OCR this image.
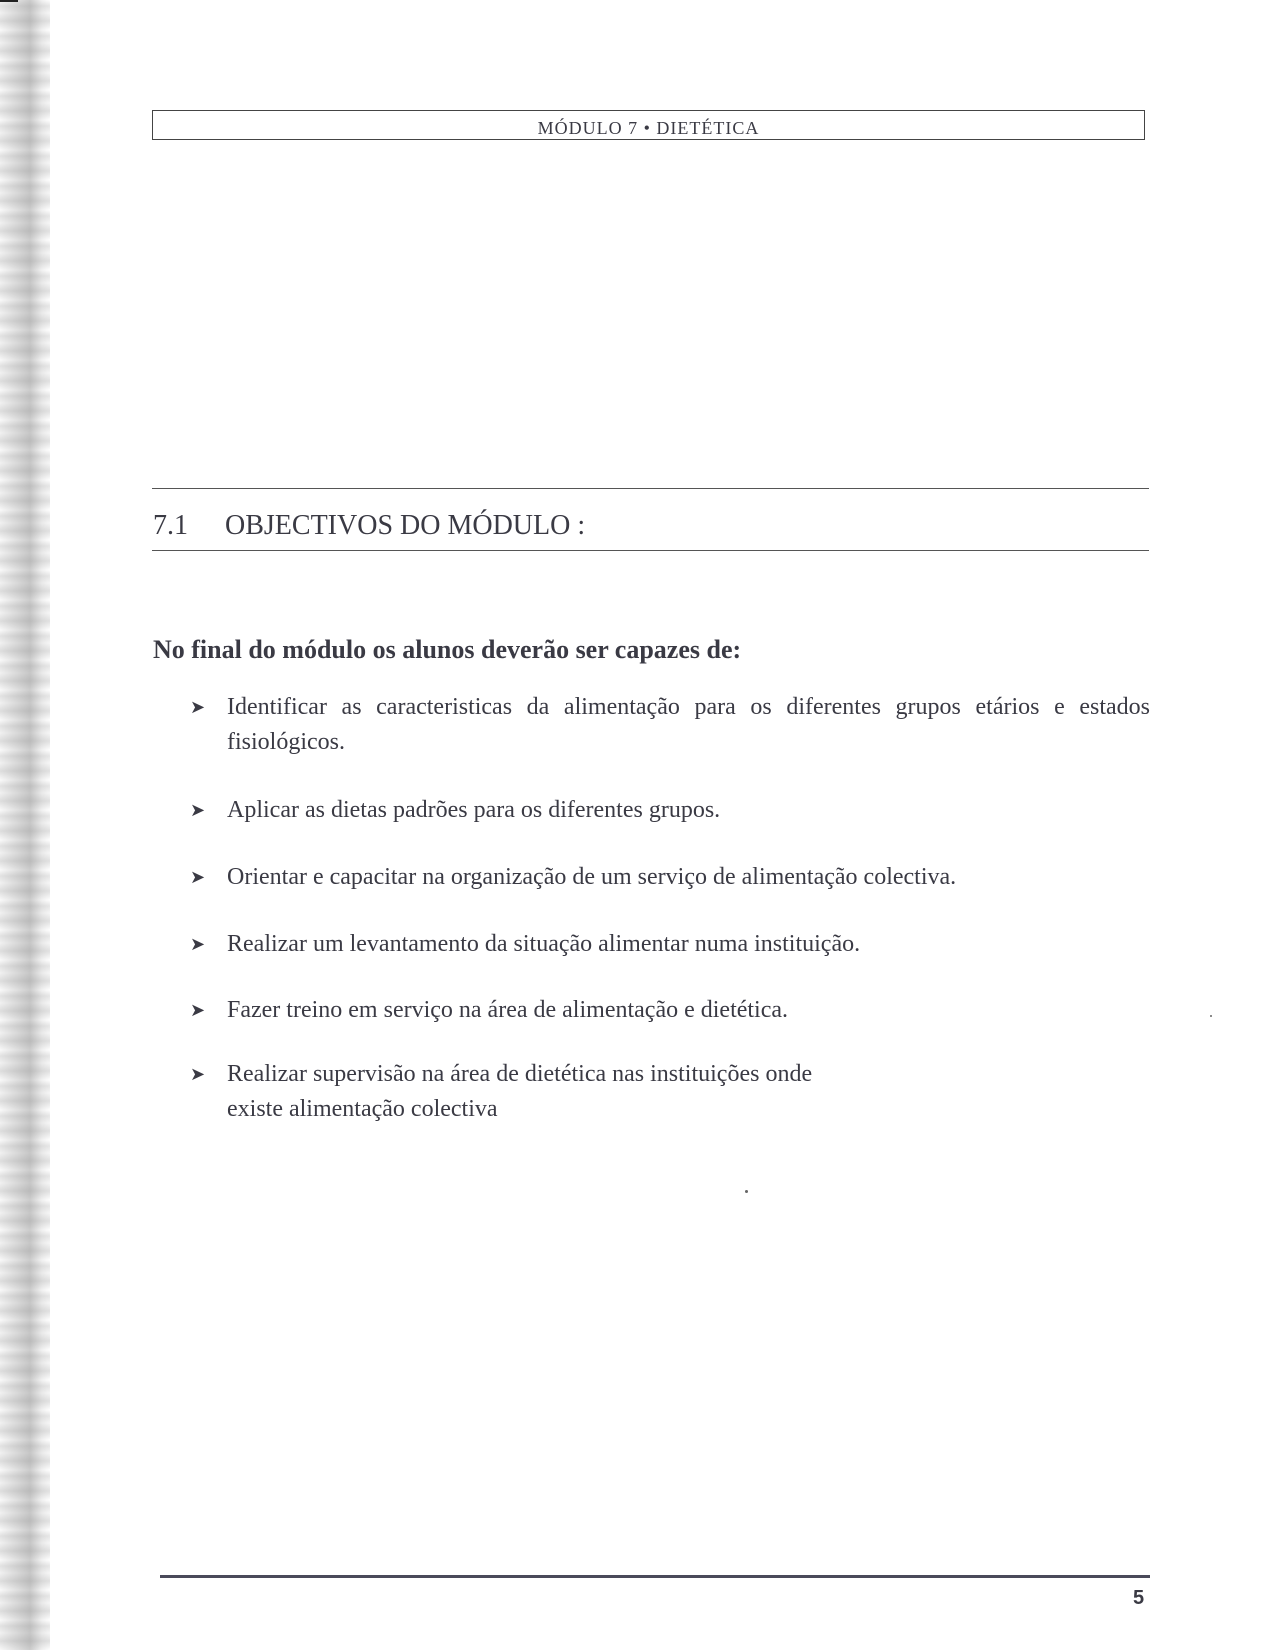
MÓDULO 7 • DIETÉTICA
7.1 OBJECTIVOS DO MÓDULO :
No final do módulo os alunos deverão ser capazes de:
➤ Identificar as caracteristicas da alimentação para os diferentes grupos etários e estados fisiológicos.
➤ Aplicar as dietas padrões para os diferentes grupos.
➤ Orientar e capacitar na organização de um serviço de alimentação colectiva.
➤ Realizar um levantamento da situação alimentar numa instituição.
➤ Fazer treino em serviço na área de alimentação e dietética.
➤ Realizar supervisão na área de dietética nas instituições onde existe alimentação colectiva
5
